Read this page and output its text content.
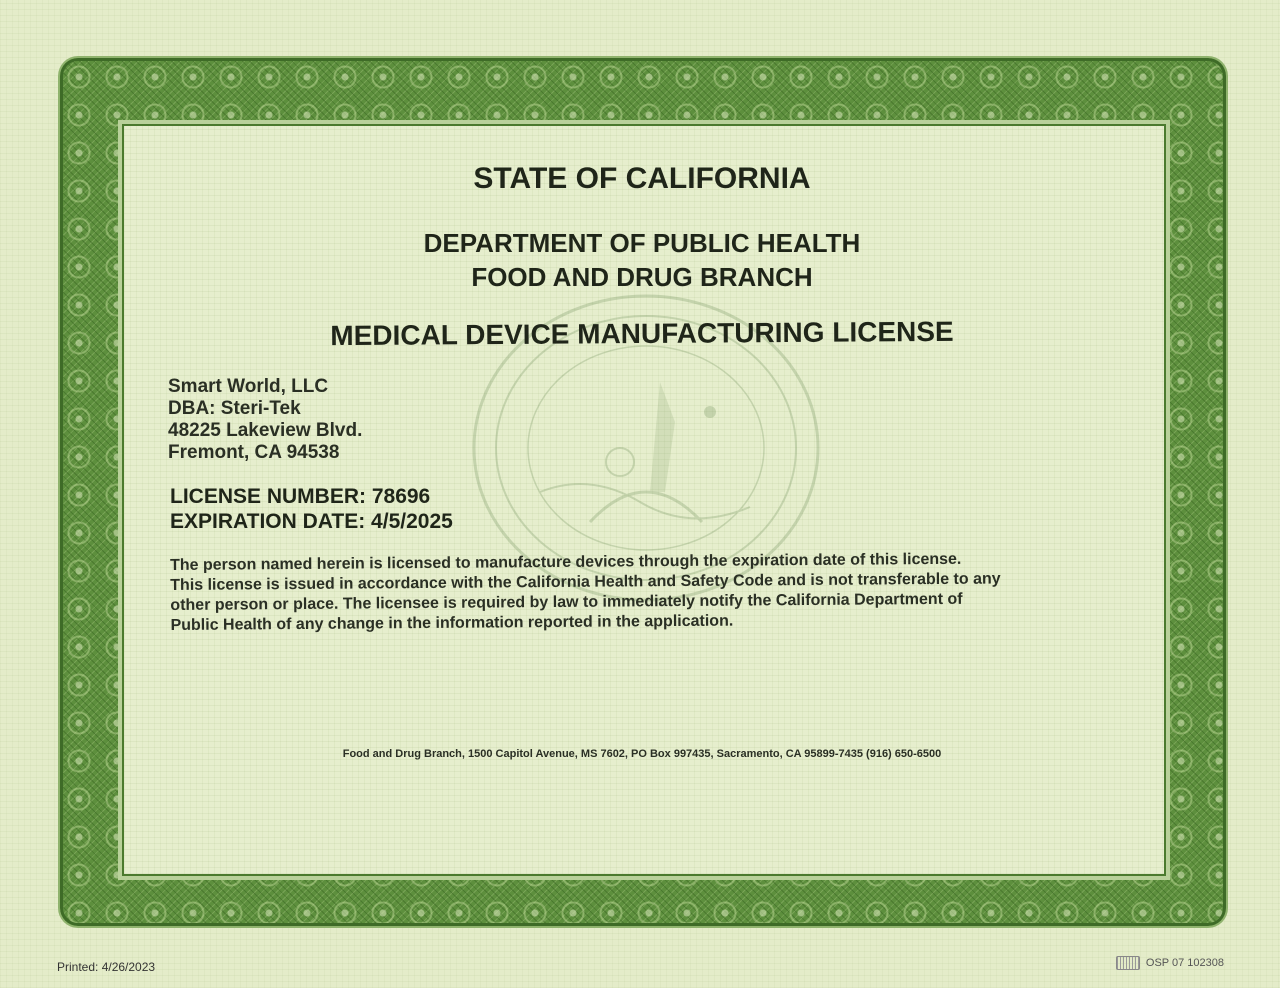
STATE OF CALIFORNIA
DEPARTMENT OF PUBLIC HEALTH
FOOD AND DRUG BRANCH
MEDICAL DEVICE MANUFACTURING LICENSE
Smart World, LLC
DBA: Steri-Tek
48225 Lakeview Blvd.
Fremont, CA 94538
LICENSE NUMBER: 78696
EXPIRATION DATE: 4/5/2025
The person named herein is licensed to manufacture devices through the expiration date of this license.
This license is issued in accordance with the California Health and Safety Code and is not transferable to any
other person or place. The licensee is required by law to immediately notify the California Department of
Public Health of any change in the information reported in the application.
Food and Drug Branch, 1500 Capitol Avenue, MS 7602, PO Box 997435, Sacramento, CA 95899-7435 (916) 650-6500
Printed: 4/26/2023	OSP 07 102308
